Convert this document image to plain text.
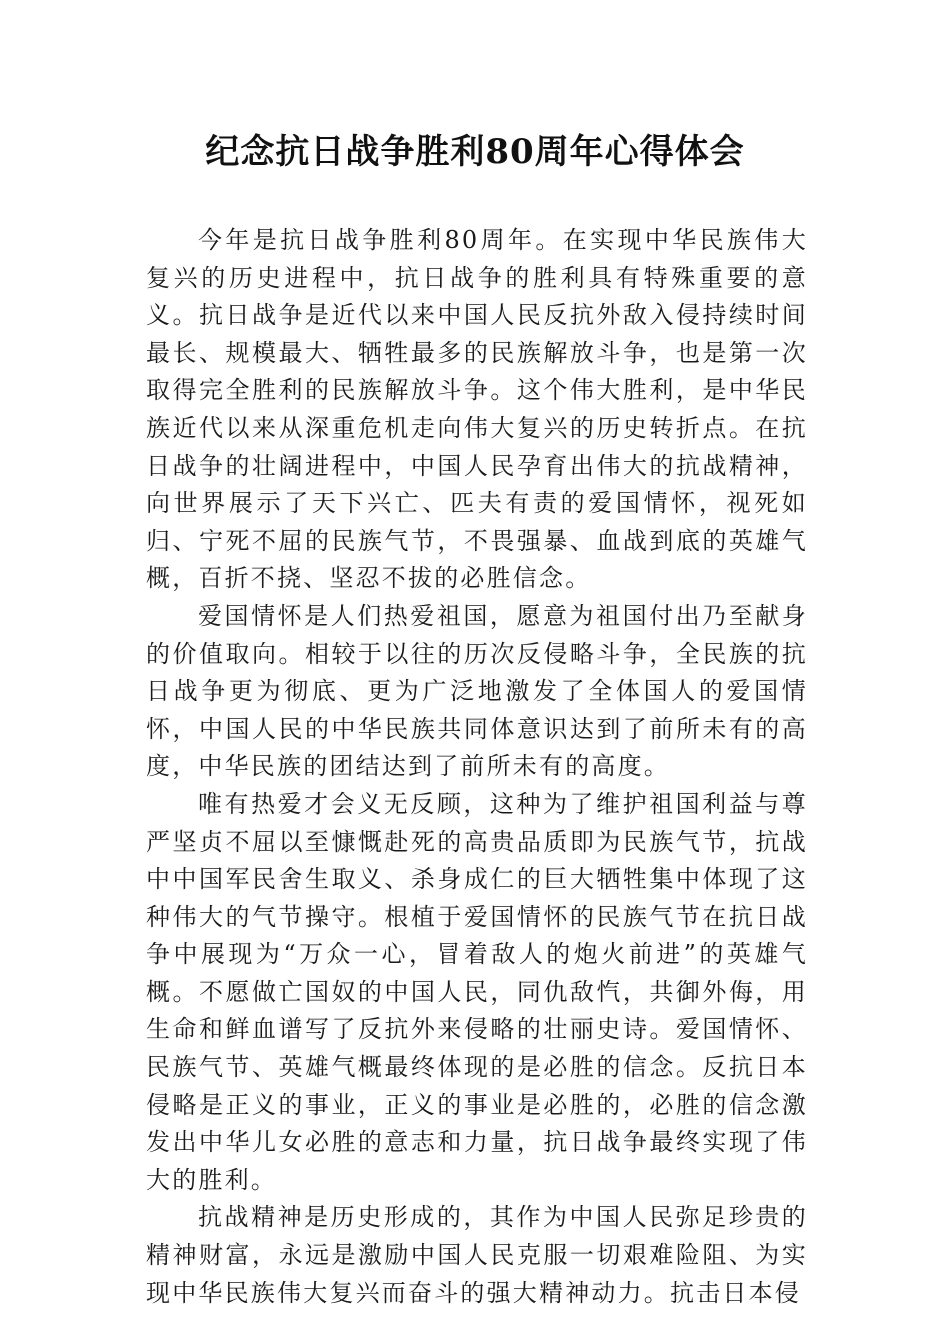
纪念抗日战争胜利80周年心得体会

今年是抗日战争胜利80周年。在实现中华民族伟大复兴的历史进程中，抗日战争的胜利具有特殊重要的意义。抗日战争是近代以来中国人民反抗外敌入侵持续时间最长、规模最大、牺牲最多的民族解放斗争，也是第一次取得完全胜利的民族解放斗争。这个伟大胜利，是中华民族近代以来从深重危机走向伟大复兴的历史转折点。在抗日战争的壮阔进程中，中国人民孕育出伟大的抗战精神，向世界展示了天下兴亡、匹夫有责的爱国情怀，视死如归、宁死不屈的民族气节，不畏强暴、血战到底的英雄气概，百折不挠、坚忍不拔的必胜信念。

爱国情怀是人们热爱祖国，愿意为祖国付出乃至献身的价值取向。相较于以往的历次反侵略斗争，全民族的抗日战争更为彻底、更为广泛地激发了全体国人的爱国情怀，中国人民的中华民族共同体意识达到了前所未有的高度，中华民族的团结达到了前所未有的高度。

唯有热爱才会义无反顾，这种为了维护祖国利益与尊严坚贞不屈以至慷慨赴死的高贵品质即为民族气节，抗战中中国军民舍生取义、杀身成仁的巨大牺牲集中体现了这种伟大的气节操守。根植于爱国情怀的民族气节在抗日战争中展现为“万众一心，冒着敌人的炮火前进”的英雄气概。不愿做亡国奴的中国人民，同仇敌忾，共御外侮，用生命和鲜血谱写了反抗外来侵略的壮丽史诗。爱国情怀、民族气节、英雄气概最终体现的是必胜的信念。反抗日本侵略是正义的事业，正义的事业是必胜的，必胜的信念激发出中华儿女必胜的意志和力量，抗日战争最终实现了伟大的胜利。

抗战精神是历史形成的，其作为中国人民弥足珍贵的精神财富，永远是激励中国人民克服一切艰难险阻、为实现中华民族伟大复兴而奋斗的强大精神动力。抗击日本侵
